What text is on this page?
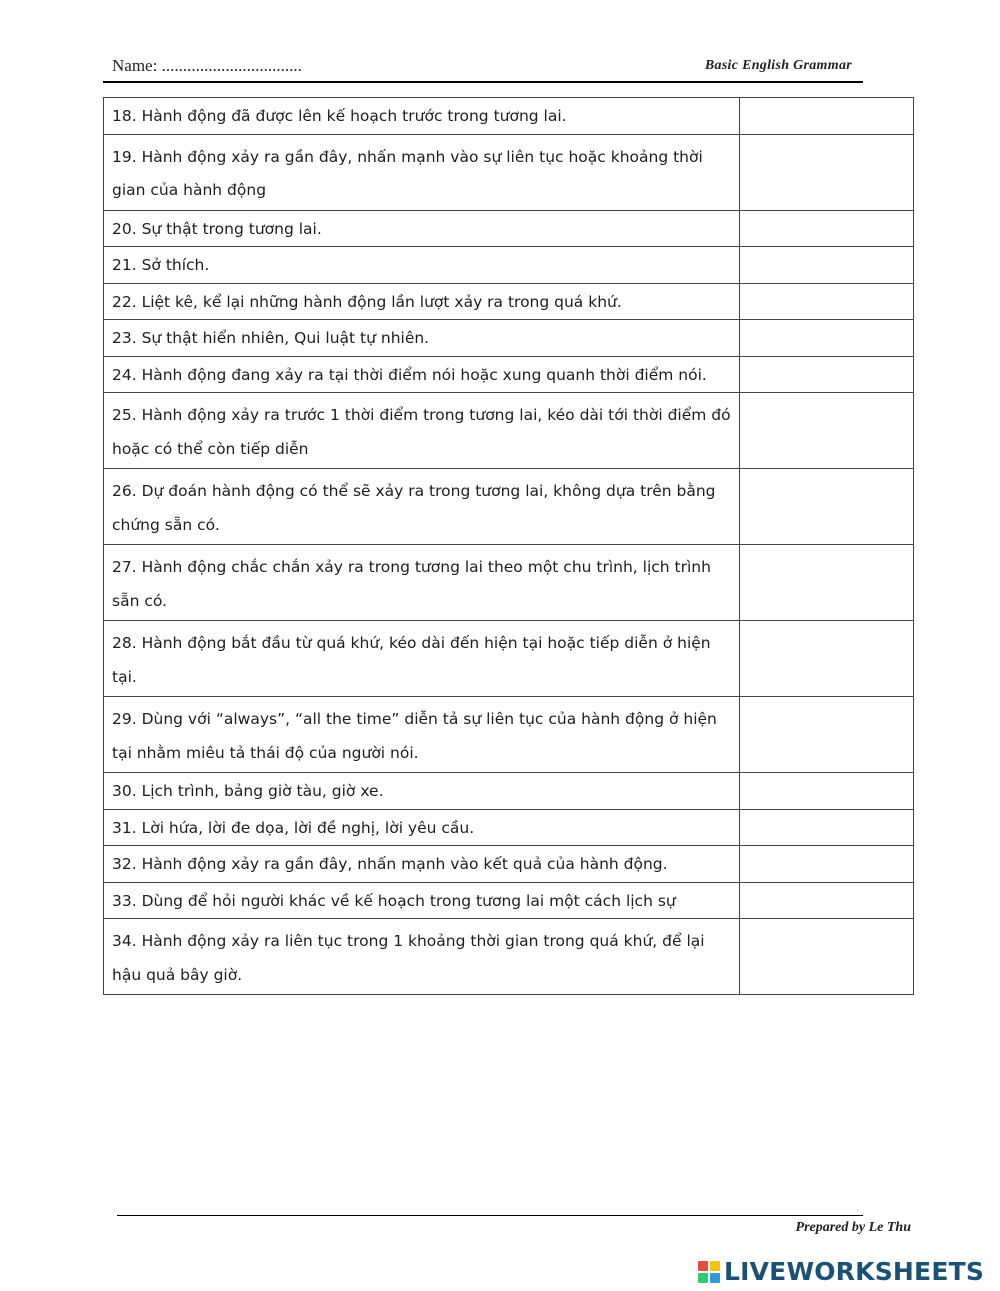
Name: .................................	Basic English Grammar
18. Hành động đã được lên kế hoạch trước trong tương lai.	
19. Hành động xảy ra gần đây, nhấn mạnh vào sự liên tục hoặc khoảng thời gian của hành động	
20. Sự thật trong tương lai.	
21. Sở thích.	
22. Liệt kê, kể lại những hành động lần lượt xảy ra trong quá khứ.	
23. Sự thật hiển nhiên, Qui luật tự nhiên.	
24. Hành động đang xảy ra tại thời điểm nói hoặc xung quanh thời điểm nói.	
25. Hành động xảy ra trước 1 thời điểm trong tương lai, kéo dài tới thời điểm đó hoặc có thể còn tiếp diễn	
26. Dự đoán hành động có thể sẽ xảy ra trong tương lai, không dựa trên bằng chứng sẵn có.	
27. Hành động chắc chắn xảy ra trong tương lai theo một chu trình, lịch trình sẵn có.	
28. Hành động bắt đầu từ quá khứ, kéo dài đến hiện tại hoặc tiếp diễn ở hiện tại.	
29. Dùng với “always”, “all the time” diễn tả sự liên tục của hành động ở hiện tại nhằm miêu tả thái độ của người nói.	
30. Lịch trình, bảng giờ tàu, giờ xe.	
31. Lời hứa, lời đe dọa, lời đề nghị, lời yêu cầu.	
32. Hành động xảy ra gần đây, nhấn mạnh vào kết quả của hành động.	
33. Dùng để hỏi người khác về kế hoạch trong tương lai một cách lịch sự	
34. Hành động xảy ra liên tục trong 1 khoảng thời gian trong quá khứ, để lại hậu quả bây giờ.	
Prepared by Le Thu
LIVEWORKSHEETS
